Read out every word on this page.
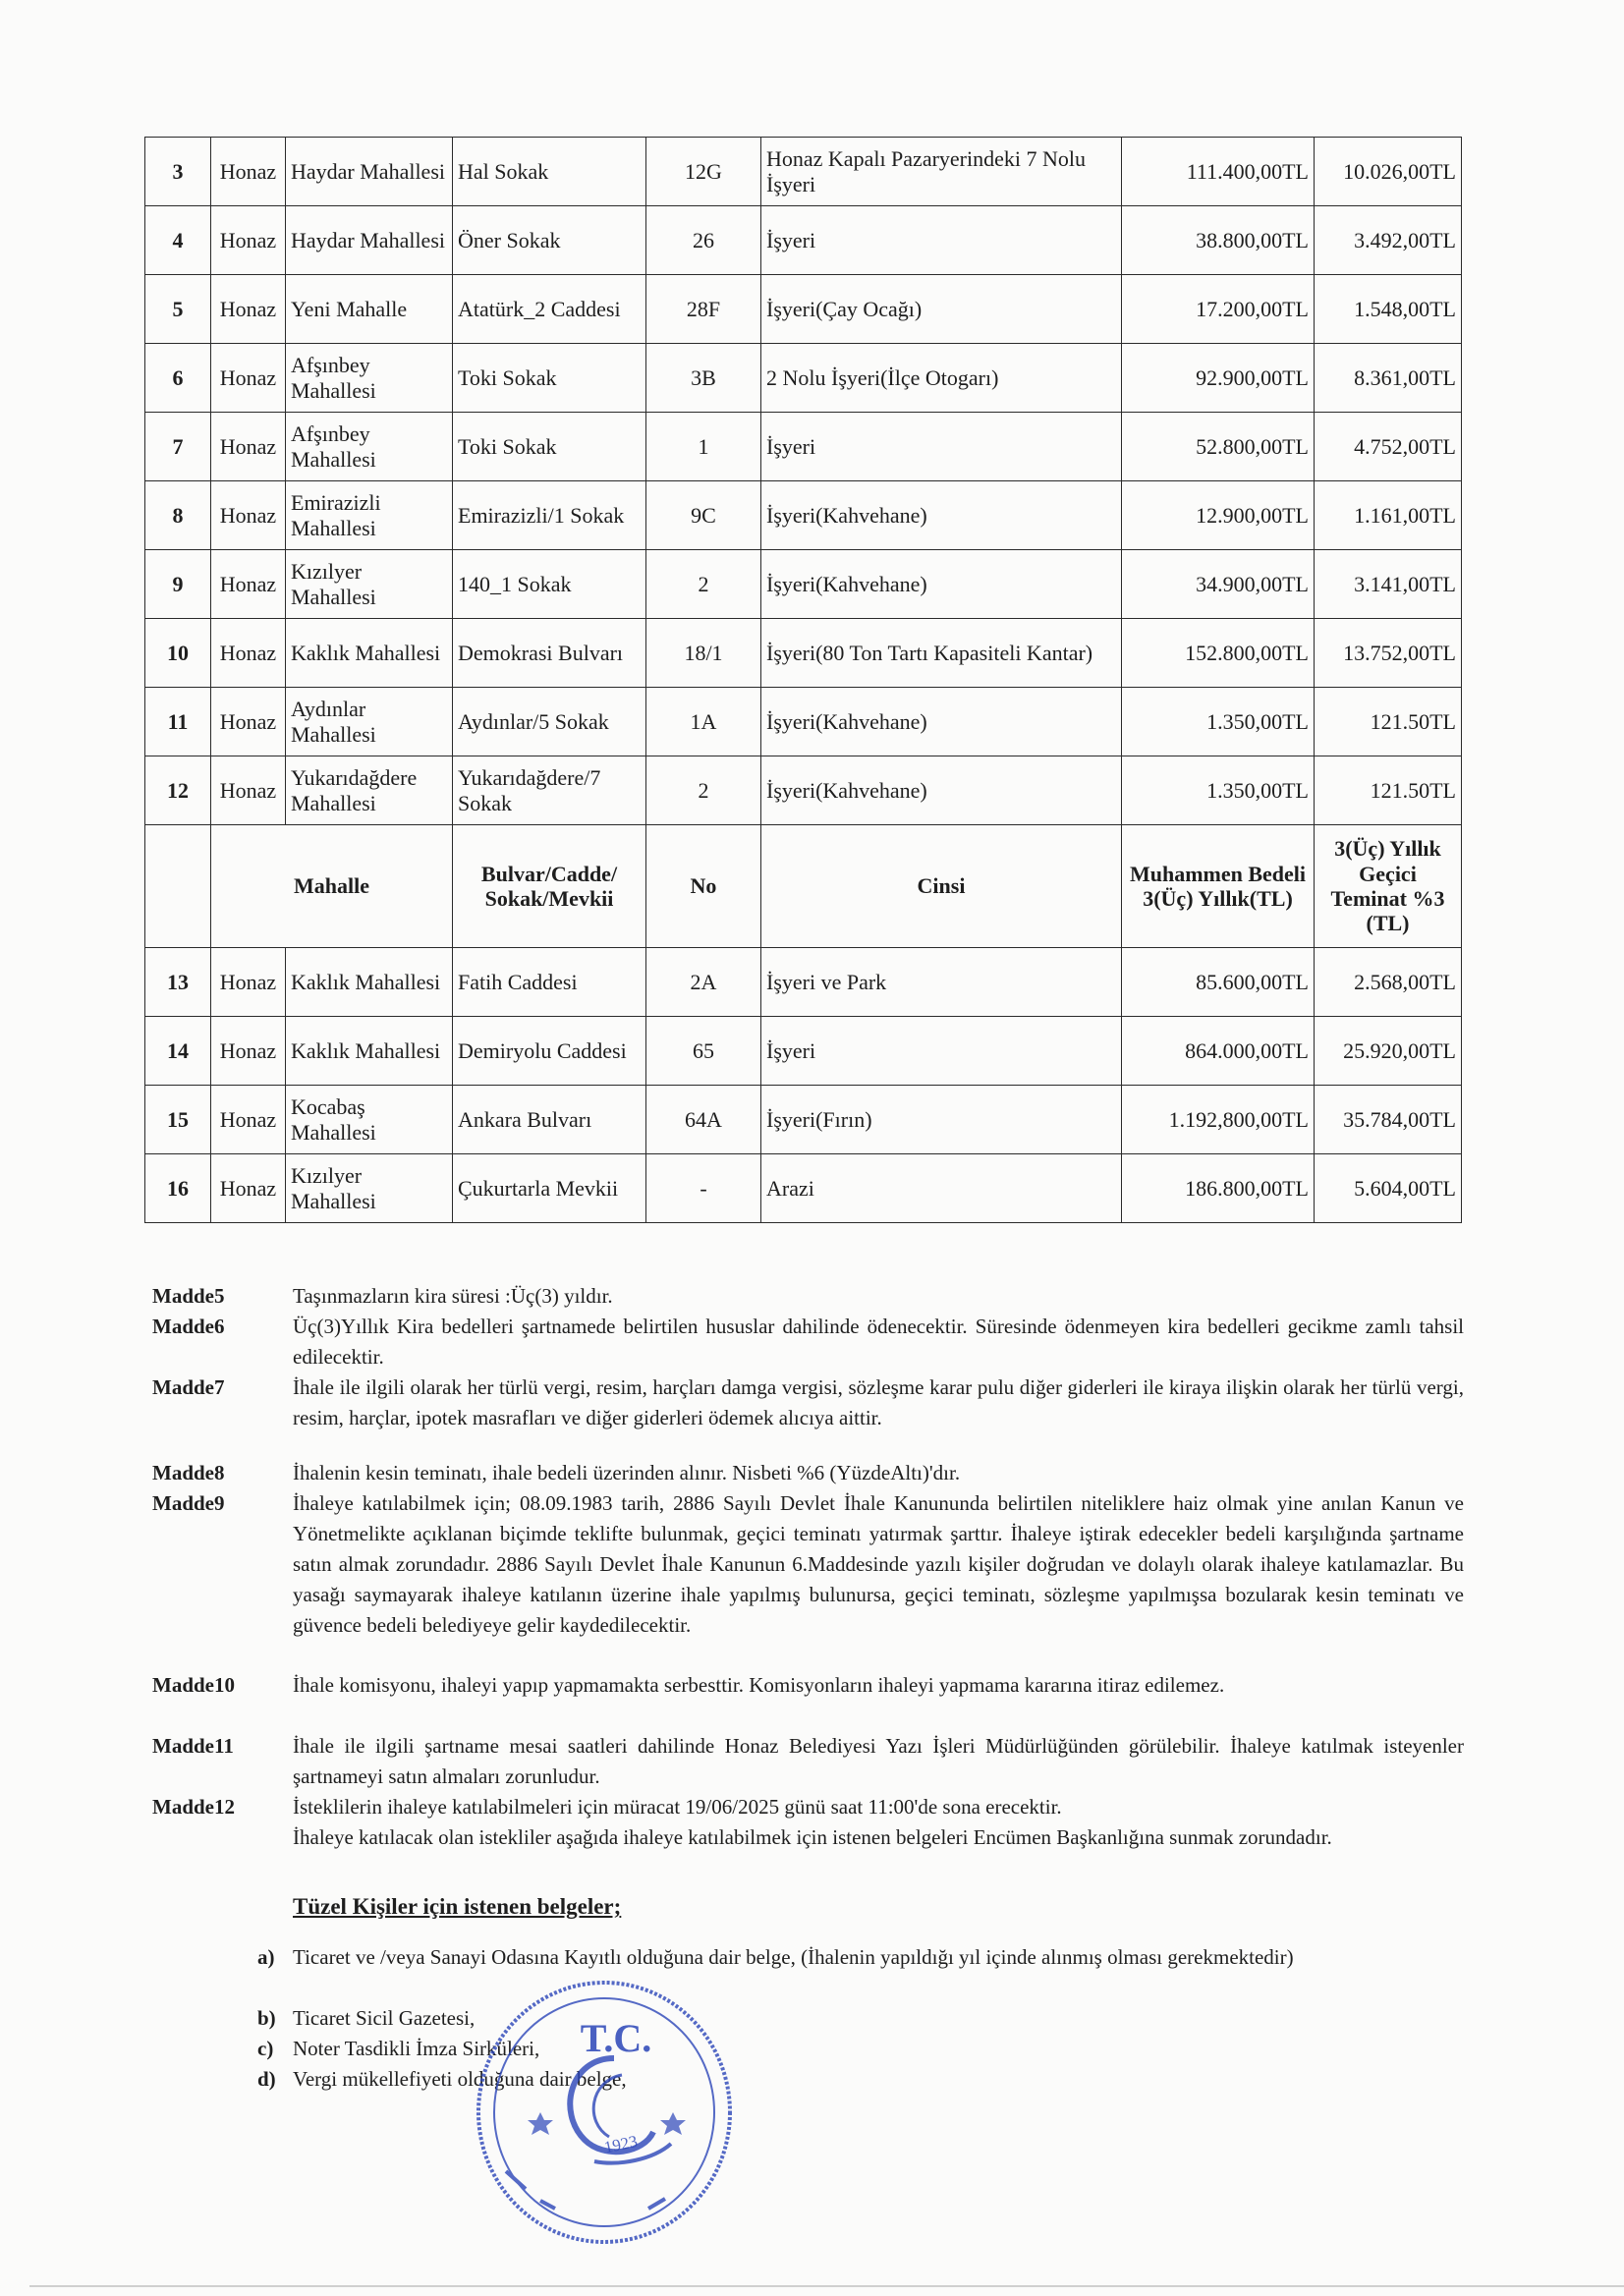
3	Honaz	Haydar Mahallesi	Hal Sokak	12G	Honaz Kapalı Pazaryerindeki 7 Nolu İşyeri	111.400,00TL	10.026,00TL
4	Honaz	Haydar Mahallesi	Öner Sokak	26	İşyeri	38.800,00TL	3.492,00TL
5	Honaz	Yeni Mahalle	Atatürk_2 Caddesi	28F	İşyeri(Çay Ocağı)	17.200,00TL	1.548,00TL
6	Honaz	Afşınbey Mahallesi	Toki Sokak	3B	2 Nolu İşyeri(İlçe Otogarı)	92.900,00TL	8.361,00TL
7	Honaz	Afşınbey Mahallesi	Toki Sokak	1	İşyeri	52.800,00TL	4.752,00TL
8	Honaz	Emirazizli Mahallesi	Emirazizli/1 Sokak	9C	İşyeri(Kahvehane)	12.900,00TL	1.161,00TL
9	Honaz	Kızılyer Mahallesi	140_1 Sokak	2	İşyeri(Kahvehane)	34.900,00TL	3.141,00TL
10	Honaz	Kaklık Mahallesi	Demokrasi Bulvarı	18/1	İşyeri(80 Ton Tartı Kapasiteli Kantar)	152.800,00TL	13.752,00TL
11	Honaz	Aydınlar Mahallesi	Aydınlar/5 Sokak	1A	İşyeri(Kahvehane)	1.350,00TL	121.50TL
12	Honaz	Yukarıdağdere Mahallesi	Yukarıdağdere/7 Sokak	2	İşyeri(Kahvehane)	1.350,00TL	121.50TL
	Mahalle		Bulvar/Cadde/ Sokak/Mevkii	No	Cinsi	Muhammen Bedeli 3(Üç) Yıllık(TL)	3(Üç) Yıllık Geçici Teminat %3 (TL)
13	Honaz	Kaklık Mahallesi	Fatih Caddesi	2A	İşyeri ve Park	85.600,00TL	2.568,00TL
14	Honaz	Kaklık Mahallesi	Demiryolu Caddesi	65	İşyeri	864.000,00TL	25.920,00TL
15	Honaz	Kocabaş Mahallesi	Ankara Bulvarı	64A	İşyeri(Fırın)	1.192,800,00TL	35.784,00TL
16	Honaz	Kızılyer Mahallesi	Çukurtarla Mevkii	-	Arazi	186.800,00TL	5.604,00TL
Madde5	Taşınmazların kira süresi :Üç(3) yıldır.
Madde6	Üç(3)Yıllık Kira bedelleri şartnamede belirtilen hususlar dahilinde ödenecektir. Süresinde ödenmeyen kira bedelleri gecikme zamlı tahsil edilecektir.
Madde7	İhale ile ilgili olarak her türlü vergi, resim, harçları damga vergisi, sözleşme karar pulu diğer giderleri ile kiraya ilişkin olarak her türlü vergi, resim, harçlar, ipotek masrafları ve diğer giderleri ödemek alıcıya aittir.
Madde8	İhalenin kesin teminatı, ihale bedeli üzerinden alınır. Nisbeti %6 (YüzdeAltı)'dır.
Madde9	İhaleye katılabilmek için; 08.09.1983 tarih, 2886 Sayılı Devlet İhale Kanununda belirtilen niteliklere haiz olmak yine anılan Kanun ve Yönetmelikte açıklanan biçimde teklifte bulunmak, geçici teminatı yatırmak şarttır. İhaleye iştirak edecekler bedeli karşılığında şartname satın almak zorundadır. 2886 Sayılı Devlet İhale Kanunun 6.Maddesinde yazılı kişiler doğrudan ve dolaylı olarak ihaleye katılamazlar. Bu yasağı saymayarak ihaleye katılanın üzerine ihale yapılmış bulunursa, geçici teminatı, sözleşme yapılmışsa bozularak kesin teminatı ve güvence bedeli belediyeye gelir kaydedilecektir.
Madde10	İhale komisyonu, ihaleyi yapıp yapmamakta serbesttir. Komisyonların ihaleyi yapmama kararına itiraz edilemez.
Madde11	İhale ile ilgili şartname mesai saatleri dahilinde Honaz Belediyesi Yazı İşleri Müdürlüğünden görülebilir. İhaleye katılmak isteyenler şartnameyi satın almaları zorunludur.
Madde12	İsteklilerin ihaleye katılabilmeleri için müracat 19/06/2025 günü saat 11:00'de sona erecektir.
İhaleye katılacak olan istekliler aşağıda ihaleye katılabilmek için istenen belgeleri Encümen Başkanlığına sunmak zorundadır.
Tüzel Kişiler için istenen belgeler;
a) Ticaret ve /veya Sanayi Odasına Kayıtlı olduğuna dair belge, (İhalenin yapıldığı yıl içinde alınmış olması gerekmektedir)
b) Ticaret Sicil Gazetesi,
c) Noter Tasdikli İmza Sirküleri,
d) Vergi mükellefiyeti olduğuna dair belge,
T.C.
1923
